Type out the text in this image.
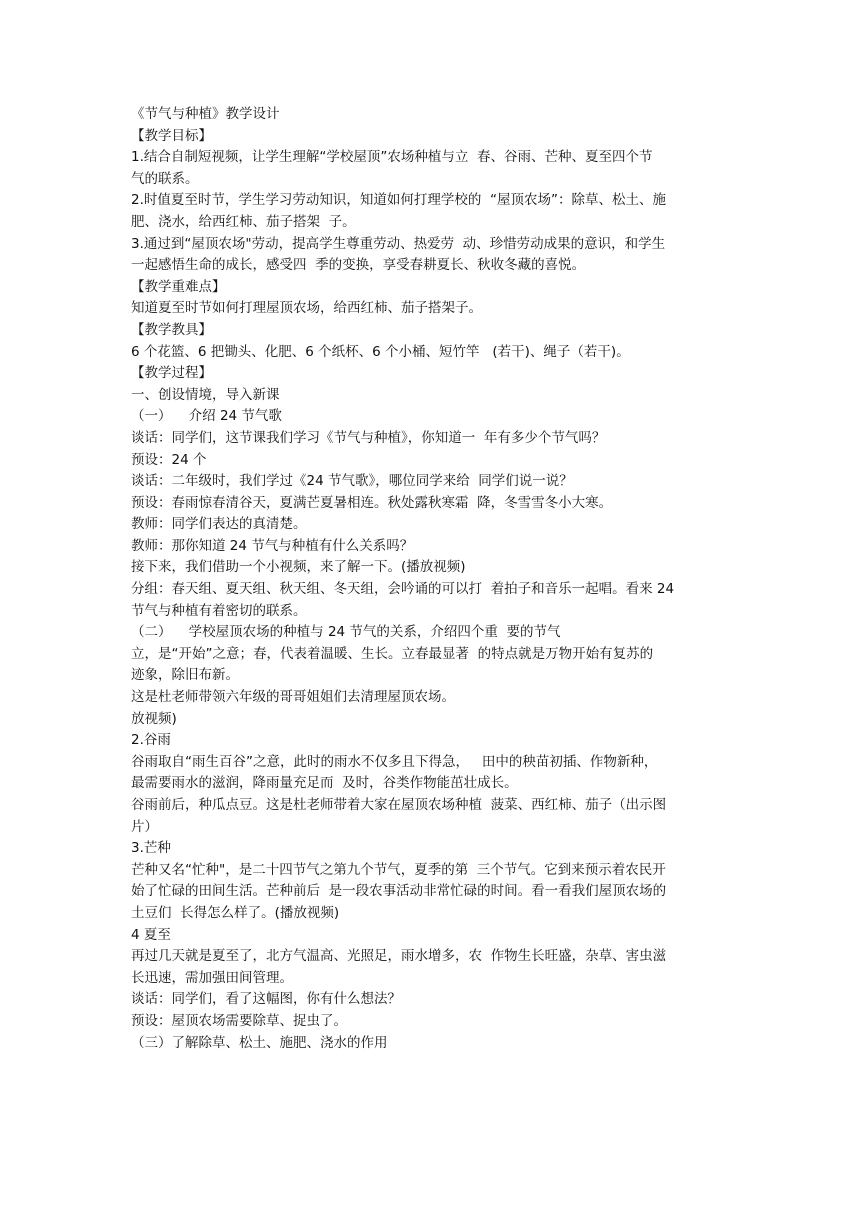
《节气与种植》教学设计
【教学目标】
1.结合自制短视频，让学生理解“学校屋顶”农场种植与立  春、谷雨、芒种、夏至四个节
气的联系。
2.时值夏至时节，学生学习劳动知识，知道如何打理学校的  “屋顶农场”：除草、松土、施
肥、浇水，给西红柿、茄子搭架  子。
3.通过到“屋顶农场"劳动，提高学生尊重劳动、热爱劳  动、珍惜劳动成果的意识，和学生
一起感悟生命的成长，感受四  季的变换，享受春耕夏长、秋收冬藏的喜悦。
【教学重难点】
知道夏至时节如何打理屋顶农场，给西红柿、茄子搭架子。
【教学教具】
6 个花篮、6 把锄头、化肥、6 个纸杯、6 个小桶、短竹竿   (若干)、绳子（若干)。
【教学过程】
一、创设情境，导入新课
（一）    介绍 24 节气歌
谈话：同学们，这节课我们学习《节气与种植》，你知道一  年有多少个节气吗？
预设：24 个
谈话：二年级时，我们学过《24 节气歌》，哪位同学来给  同学们说一说？
预设：春雨惊春清谷天，夏满芒夏暑相连。秋处露秋寒霜  降，冬雪雪冬小大寒。
教师：同学们表达的真清楚。
教师：那你知道 24 节气与种植有什么关系吗？
接下来，我们借助一个小视频，来了解一下。(播放视频)
分组：春天组、夏天组、秋天组、冬天组，会吟诵的可以打  着拍子和音乐一起唱。看来 24
节气与种植有着密切的联系。
（二）    学校屋顶农场的种植与 24 节气的关系，介绍四个重  要的节气
立，是“开始”之意；春，代表着温暖、生长。立春最显著  的特点就是万物开始有复苏的
迹象，除旧布新。
这是杜老师带领六年级的哥哥姐姐们去清理屋顶农场。
放视频)
2.谷雨
谷雨取自“雨生百谷”之意，此时的雨水不仅多且下得急，   田中的秧苗初插、作物新种，
最需要雨水的滋润，降雨量充足而  及时，谷类作物能茁壮成长。
谷雨前后，种瓜点豆。这是杜老师带着大家在屋顶农场种植  菠菜、西红柿、茄子（出示图
片）
3.芒种
芒种又名“忙种"，是二十四节气之第九个节气，夏季的第  三个节气。它到来预示着农民开
始了忙碌的田间生活。芒种前后  是一段农事活动非常忙碌的时间。看一看我们屋顶农场的
土豆们  长得怎么样了。(播放视频)
4 夏至
再过几天就是夏至了，北方气温高、光照足，雨水增多，农  作物生长旺盛，杂草、害虫滋
长迅速，需加强田间管理。
谈话：同学们，看了这幅图，你有什么想法？
预设：屋顶农场需要除草、捉虫了。
（三）了解除草、松土、施肥、浇水的作用
